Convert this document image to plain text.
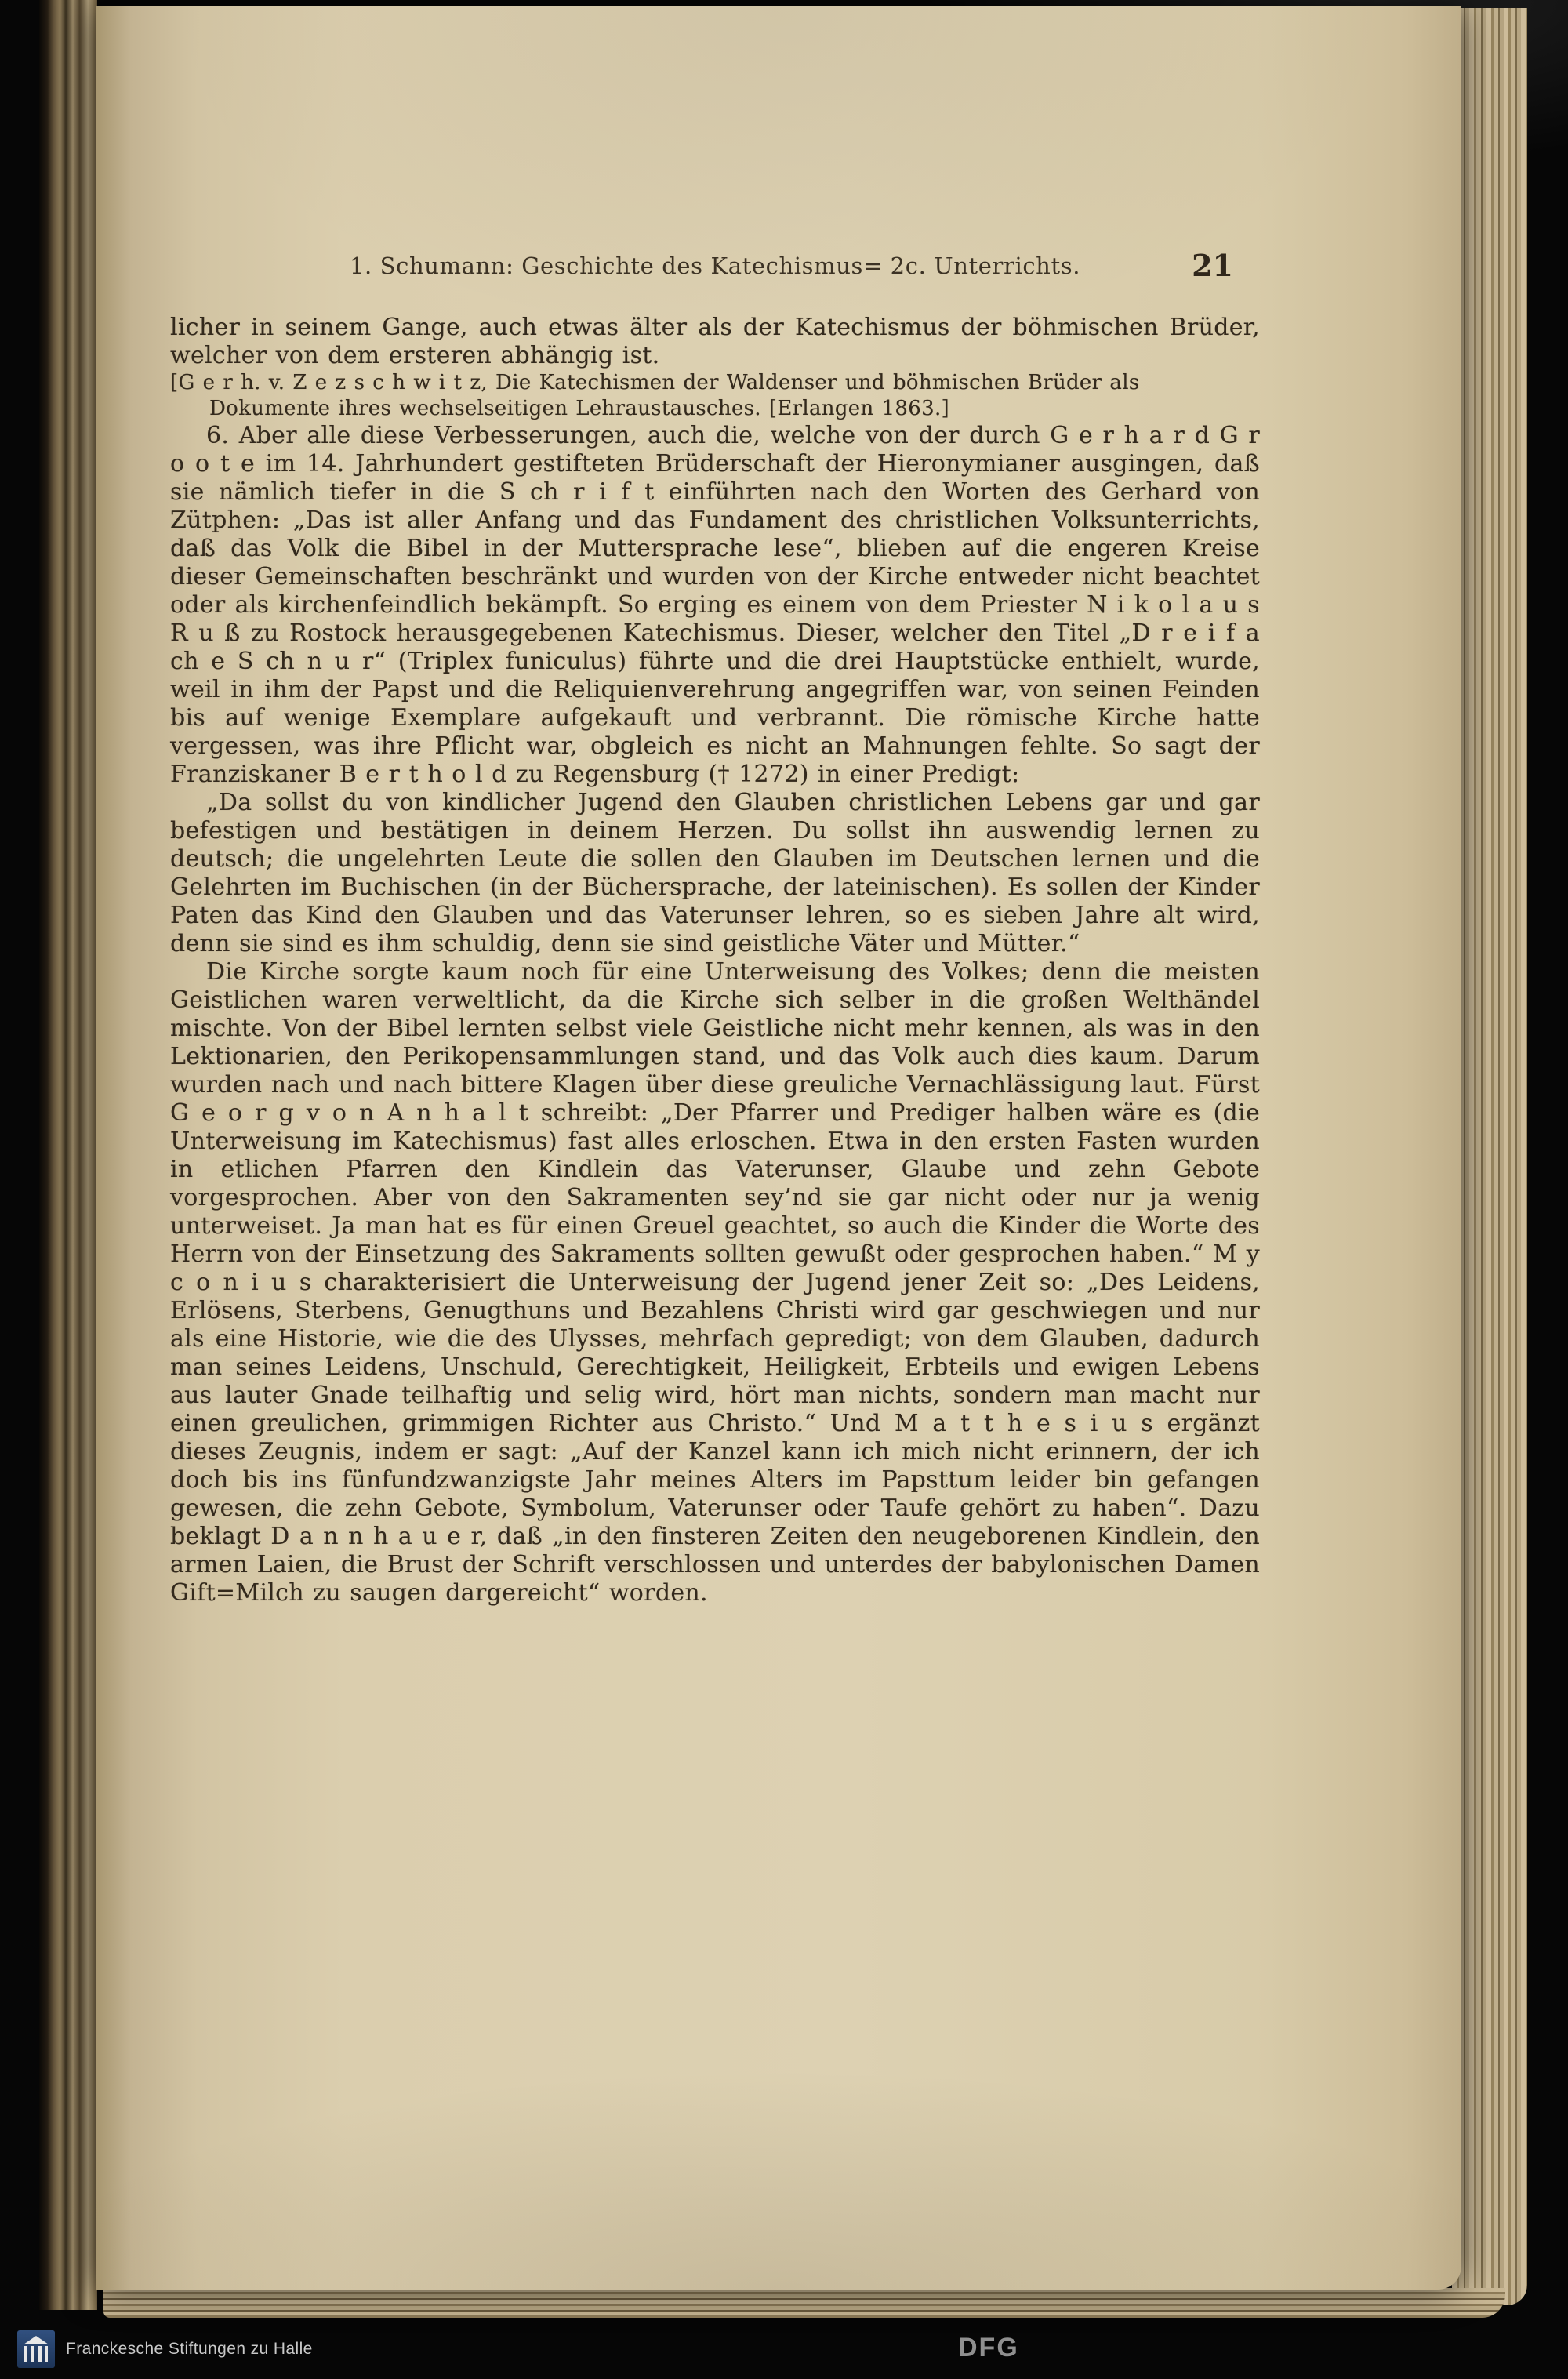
1. Schumann: Geschichte des Katechismus= 2c. Unterrichts.	21

licher in seinem Gange, auch etwas älter als der Katechismus der böhmischen Brüder, welcher von dem ersteren abhängig ist.

[G e r h. v. Z e z s c h w i t z, Die Katechismen der Waldenser und böhmischen Brüder als Dokumente ihres wechselseitigen Lehraustausches. [Erlangen 1863.]

6. Aber alle diese Verbesserungen, auch die, welche von der durch G e r h a r d G r o o t e im 14. Jahrhundert gestifteten Brüderschaft der Hieronymianer ausgingen, daß sie nämlich tiefer in die S ch r i f t einführten nach den Worten des Gerhard von Zütphen: „Das ist aller Anfang und das Fundament des christlichen Volksunterrichts, daß das Volk die Bibel in der Muttersprache lese“, blieben auf die engeren Kreise dieser Gemeinschaften beschränkt und wurden von der Kirche entweder nicht beachtet oder als kirchenfeindlich bekämpft. So erging es einem von dem Priester N i k o l a u s R u ß zu Rostock herausgegebenen Katechismus. Dieser, welcher den Titel „D r e i f a ch e S ch n u r“ (Triplex funiculus) führte und die drei Hauptstücke enthielt, wurde, weil in ihm der Papst und die Reliquienverehrung angegriffen war, von seinen Feinden bis auf wenige Exemplare aufgekauft und verbrannt. Die römische Kirche hatte vergessen, was ihre Pflicht war, obgleich es nicht an Mahnungen fehlte. So sagt der Franziskaner B e r t h o l d zu Regensburg († 1272) in einer Predigt:

„Da sollst du von kindlicher Jugend den Glauben christlichen Lebens gar und gar befestigen und bestätigen in deinem Herzen. Du sollst ihn auswendig lernen zu deutsch; die ungelehrten Leute die sollen den Glauben im Deutschen lernen und die Gelehrten im Buchischen (in der Büchersprache, der lateinischen). Es sollen der Kinder Paten das Kind den Glauben und das Vaterunser lehren, so es sieben Jahre alt wird, denn sie sind es ihm schuldig, denn sie sind geistliche Väter und Mütter.“

Die Kirche sorgte kaum noch für eine Unterweisung des Volkes; denn die meisten Geistlichen waren verweltlicht, da die Kirche sich selber in die großen Welthändel mischte. Von der Bibel lernten selbst viele Geistliche nicht mehr kennen, als was in den Lektionarien, den Perikopensammlungen stand, und das Volk auch dies kaum. Darum wurden nach und nach bittere Klagen über diese greuliche Vernachlässigung laut. Fürst G e o r g v o n A n h a l t schreibt: „Der Pfarrer und Prediger halben wäre es (die Unterweisung im Katechismus) fast alles erloschen. Etwa in den ersten Fasten wurden in etlichen Pfarren den Kindlein das Vaterunser, Glaube und zehn Gebote vorgesprochen. Aber von den Sakramenten sey’nd sie gar nicht oder nur ja wenig unterweiset. Ja man hat es für einen Greuel geachtet, so auch die Kinder die Worte des Herrn von der Einsetzung des Sakraments sollten gewußt oder gesprochen haben.“ M y c o n i u s charakterisiert die Unterweisung der Jugend jener Zeit so: „Des Leidens, Erlösens, Sterbens, Genugthuns und Bezahlens Christi wird gar geschwiegen und nur als eine Historie, wie die des Ulysses, mehrfach gepredigt; von dem Glauben, dadurch man seines Leidens, Unschuld, Gerechtigkeit, Heiligkeit, Erbteils und ewigen Lebens aus lauter Gnade teilhaftig und selig wird, hört man nichts, sondern man macht nur einen greulichen, grimmigen Richter aus Christo.“ Und M a t t h e s i u s ergänzt dieses Zeugnis, indem er sagt: „Auf der Kanzel kann ich mich nicht erinnern, der ich doch bis ins fünfundzwanzigste Jahr meines Alters im Papsttum leider bin gefangen gewesen, die zehn Gebote, Symbolum, Vaterunser oder Taufe gehört zu haben“. Dazu beklagt D a n n h a u e r, daß „in den finsteren Zeiten den neugeborenen Kindlein, den armen Laien, die Brust der Schrift verschlossen und unterdes der babylonischen Damen Gift=Milch zu saugen dargereicht“ worden.

Franckesche Stiftungen zu Halle	DFG
